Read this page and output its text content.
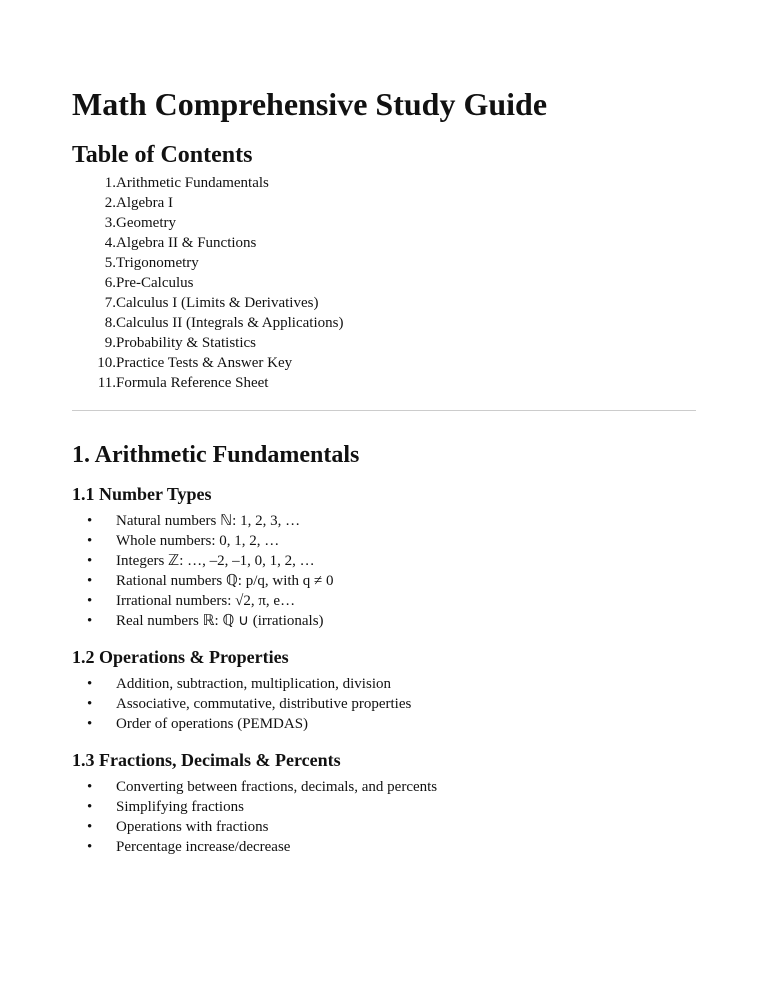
Math Comprehensive Study Guide
Table of Contents
1. Arithmetic Fundamentals
2. Algebra I
3. Geometry
4. Algebra II & Functions
5. Trigonometry
6. Pre-Calculus
7. Calculus I (Limits & Derivatives)
8. Calculus II (Integrals & Applications)
9. Probability & Statistics
10. Practice Tests & Answer Key
11. Formula Reference Sheet
1. Arithmetic Fundamentals
1.1 Number Types
•	Natural numbers ℕ: 1, 2, 3, …
•	Whole numbers: 0, 1, 2, …
•	Integers ℤ: …, –2, –1, 0, 1, 2, …
•	Rational numbers ℚ: p/q, with q ≠ 0
•	Irrational numbers: √2, π, e…
•	Real numbers ℝ: ℚ ∪ (irrationals)
1.2 Operations & Properties
•	Addition, subtraction, multiplication, division
•	Associative, commutative, distributive properties
•	Order of operations (PEMDAS)
1.3 Fractions, Decimals & Percents
•	Converting between fractions, decimals, and percents
•	Simplifying fractions
•	Operations with fractions
•	Percentage increase/decrease
